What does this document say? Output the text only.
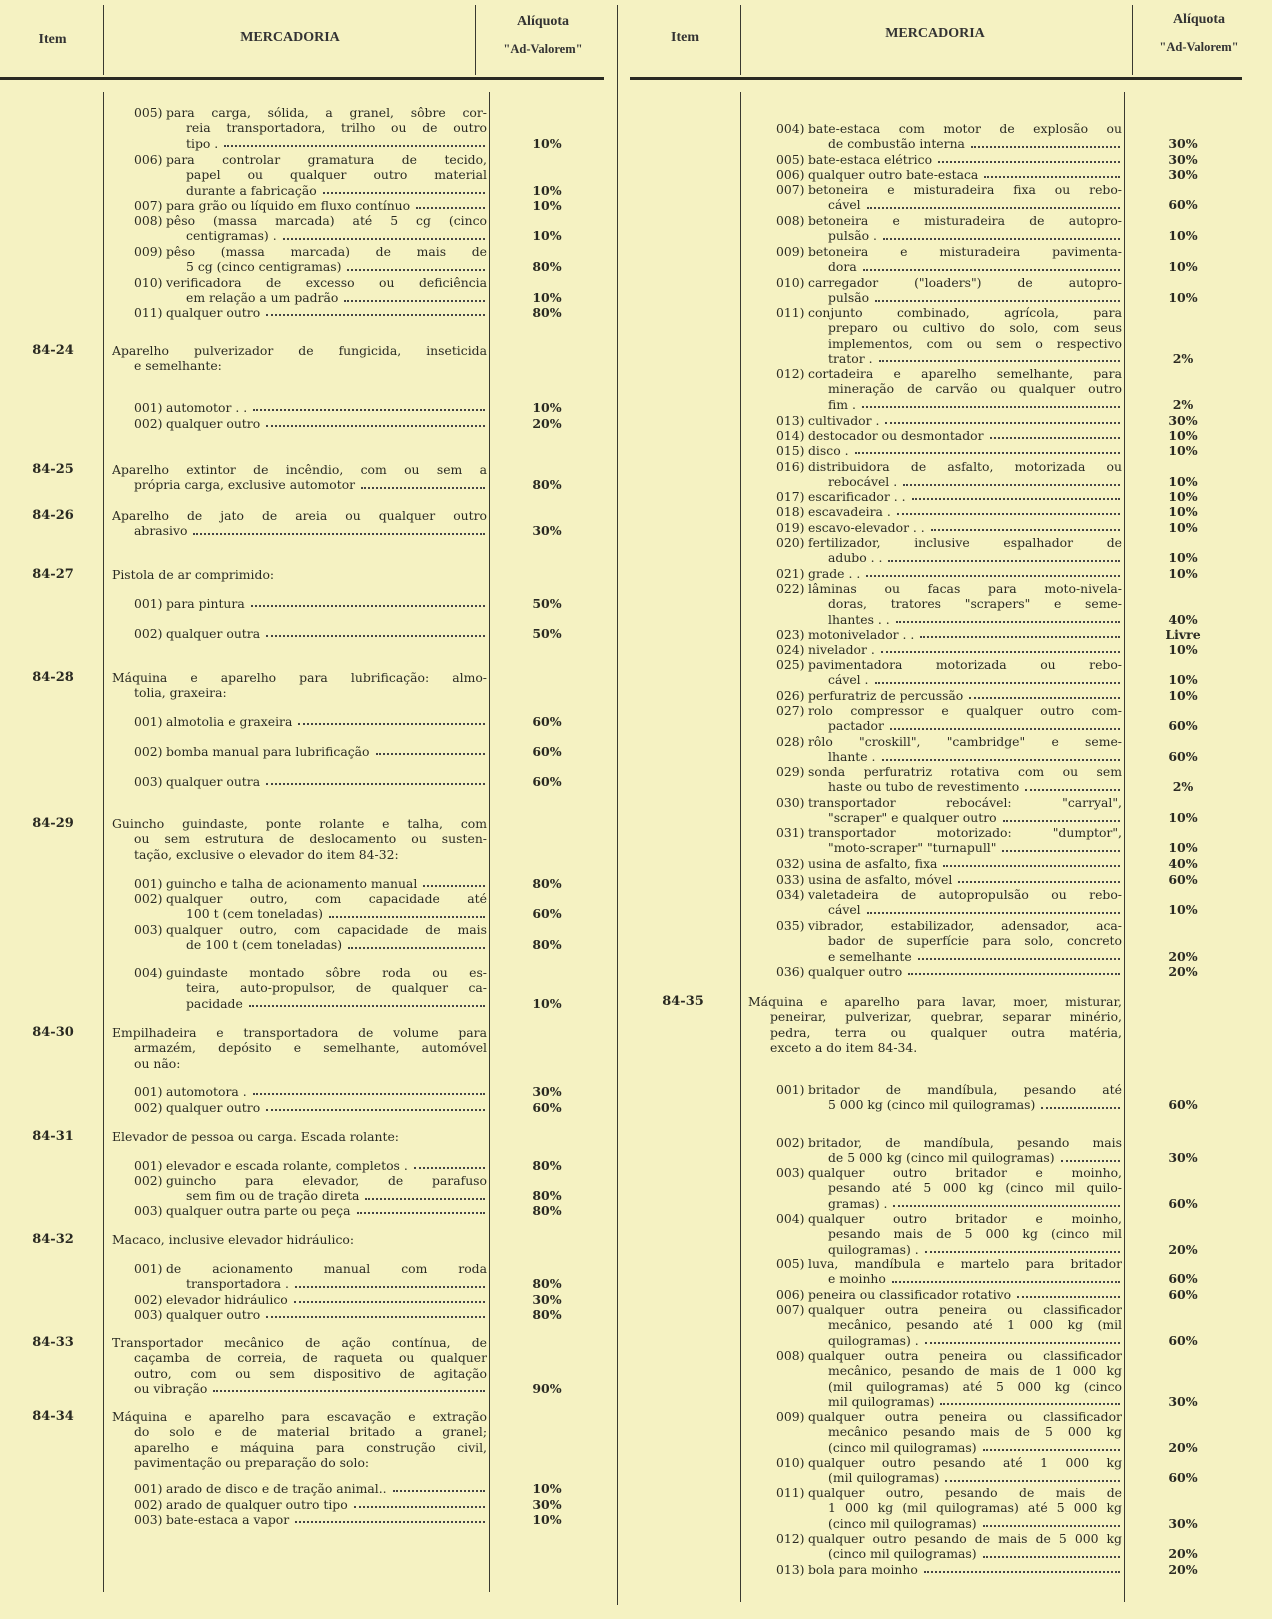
Item	MERCADORIA
Alíquota
"Ad-Valorem"
Item	MERCADORIA
Alíquota
"Ad-Valorem"
005) para carga, sólida, a granel, sôbre cor-
reia transportadora, trilho ou de outro
tipo .	10%
006) para controlar gramatura de tecido,
papel ou qualquer outro material
durante a fabricação	10%
007) para grão ou líquido em fluxo contínuo	10%
008) pêso (massa marcada) até 5 cg (cinco
centigramas) .	10%
009) pêso (massa marcada) de mais de
5 cg (cinco centigramas)	80%
010) verificadora de excesso ou deficiência
em relação a um padrão	10%
011) qualquer outro	80%
84-24	Aparelho pulverizador de fungicida, inseticida
e semelhante:
001) automotor . .	10%
002) qualquer outro	20%
84-25	Aparelho extintor de incêndio, com ou sem a
própria carga, exclusive automotor	80%
84-26	Aparelho de jato de areia ou qualquer outro
abrasivo	30%
84-27	Pistola de ar comprimido:
001) para pintura	50%
002) qualquer outra	50%
84-28	Máquina e aparelho para lubrificação: almo-
tolia, graxeira:
001) almotolia e graxeira	60%
002) bomba manual para lubrificação	60%
003) qualquer outra	60%
84-29	Guincho guindaste, ponte rolante e talha, com
ou sem estrutura de deslocamento ou susten-
tação, exclusive o elevador do item 84-32:
001) guincho e talha de acionamento manual	80%
002) qualquer outro, com capacidade até
100 t (cem toneladas)	60%
003) qualquer outro, com capacidade de mais
de 100 t (cem toneladas)	80%
004) guindaste montado sôbre roda ou es-
teira, auto-propulsor, de qualquer ca-
pacidade	10%
84-30	Empilhadeira e transportadora de volume para
armazém, depósito e semelhante, automóvel
ou não:
001) automotora .	30%
002) qualquer outro	60%
84-31	Elevador de pessoa ou carga. Escada rolante:
001) elevador e escada rolante, completos .	80%
002) guincho para elevador, de parafuso
sem fim ou de tração direta	80%
003) qualquer outra parte ou peça	80%
84-32	Macaco, inclusive elevador hidráulico:
001) de acionamento manual com roda
transportadora .	80%
002) elevador hidráulico	30%
003) qualquer outro	80%
84-33	Transportador mecânico de ação contínua, de
caçamba de correia, de raqueta ou qualquer
outro, com ou sem dispositivo de agitação
ou vibração	90%
84-34	Máquina e aparelho para escavação e extração
do solo e de material britado a granel;
aparelho e máquina para construção civil,
pavimentação ou preparação do solo:
001) arado de disco e de tração animal..	10%
002) arado de qualquer outro tipo	30%
003) bate-estaca a vapor	10%
004) bate-estaca com motor de explosão ou
de combustão interna	30%
005) bate-estaca elétrico	30%
006) qualquer outro bate-estaca	30%
007) betoneira e misturadeira fixa ou rebo-
cável	60%
008) betoneira e misturadeira de autopro-
pulsão .	10%
009) betoneira e misturadeira pavimenta-
dora	10%
010) carregador ("loaders") de autopro-
pulsão	10%
011) conjunto combinado, agrícola, para
preparo ou cultivo do solo, com seus
implementos, com ou sem o respectivo
trator .	2%
012) cortadeira e aparelho semelhante, para
mineração de carvão ou qualquer outro
fim .	2%
013) cultivador .	30%
014) destocador ou desmontador	10%
015) disco .	10%
016) distribuidora de asfalto, motorizada ou
rebocável .	10%
017) escarificador . .	10%
018) escavadeira .	10%
019) escavo-elevador . .	10%
020) fertilizador, inclusive espalhador de
adubo . .	10%
021) grade . .	10%
022) lâminas ou facas para moto-nivela-
doras, tratores "scrapers" e seme-
lhantes . .	40%
023) motonivelador . .	Livre
024) nivelador .	10%
025) pavimentadora motorizada ou rebo-
cável .	10%
026) perfuratriz de percussão	10%
027) rolo compressor e qualquer outro com-
pactador	60%
028) rôlo "croskill", "cambridge" e seme-
lhante .	60%
029) sonda perfuratriz rotativa com ou sem
haste ou tubo de revestimento	2%
030) transportador rebocável: "carryal",
"scraper" e qualquer outro	10%
031) transportador motorizado: "dumptor",
"moto-scraper" "turnapull"	10%
032) usina de asfalto, fixa	40%
033) usina de asfalto, móvel	60%
034) valetadeira de autopropulsão ou rebo-
cável	10%
035) vibrador, estabilizador, adensador, aca-
bador de superfície para solo, concreto
e semelhante	20%
036) qualquer outro	20%
84-35	Máquina e aparelho para lavar, moer, misturar,
peneirar, pulverizar, quebrar, separar minério,
pedra, terra ou qualquer outra matéria,
exceto a do item 84-34.
001) britador de mandíbula, pesando até
5 000 kg (cinco mil quilogramas)	60%
002) britador, de mandíbula, pesando mais
de 5 000 kg (cinco mil quilogramas)	30%
003) qualquer outro britador e moinho,
pesando até 5 000 kg (cinco mil quilo-
gramas) .	60%
004) qualquer outro britador e moinho,
pesando mais de 5 000 kg (cinco mil
quilogramas) .	20%
005) luva, mandíbula e martelo para britador
e moinho	60%
006) peneira ou classificador rotativo	60%
007) qualquer outra peneira ou classificador
mecânico, pesando até 1 000 kg (mil
quilogramas) .	60%
008) qualquer outra peneira ou classificador
mecânico, pesando de mais de 1 000 kg
(mil quilogramas) até 5 000 kg (cinco
mil quilogramas)	30%
009) qualquer outra peneira ou classificador
mecânico pesando mais de 5 000 kg
(cinco mil quilogramas)	20%
010) qualquer outro pesando até 1 000 kg
(mil quilogramas)	60%
011) qualquer outro, pesando de mais de
1 000 kg (mil quilogramas) até 5 000 kg
(cinco mil quilogramas)	30%
012) qualquer outro pesando de mais de 5 000 kg
(cinco mil quilogramas)	20%
013) bola para moinho	20%
